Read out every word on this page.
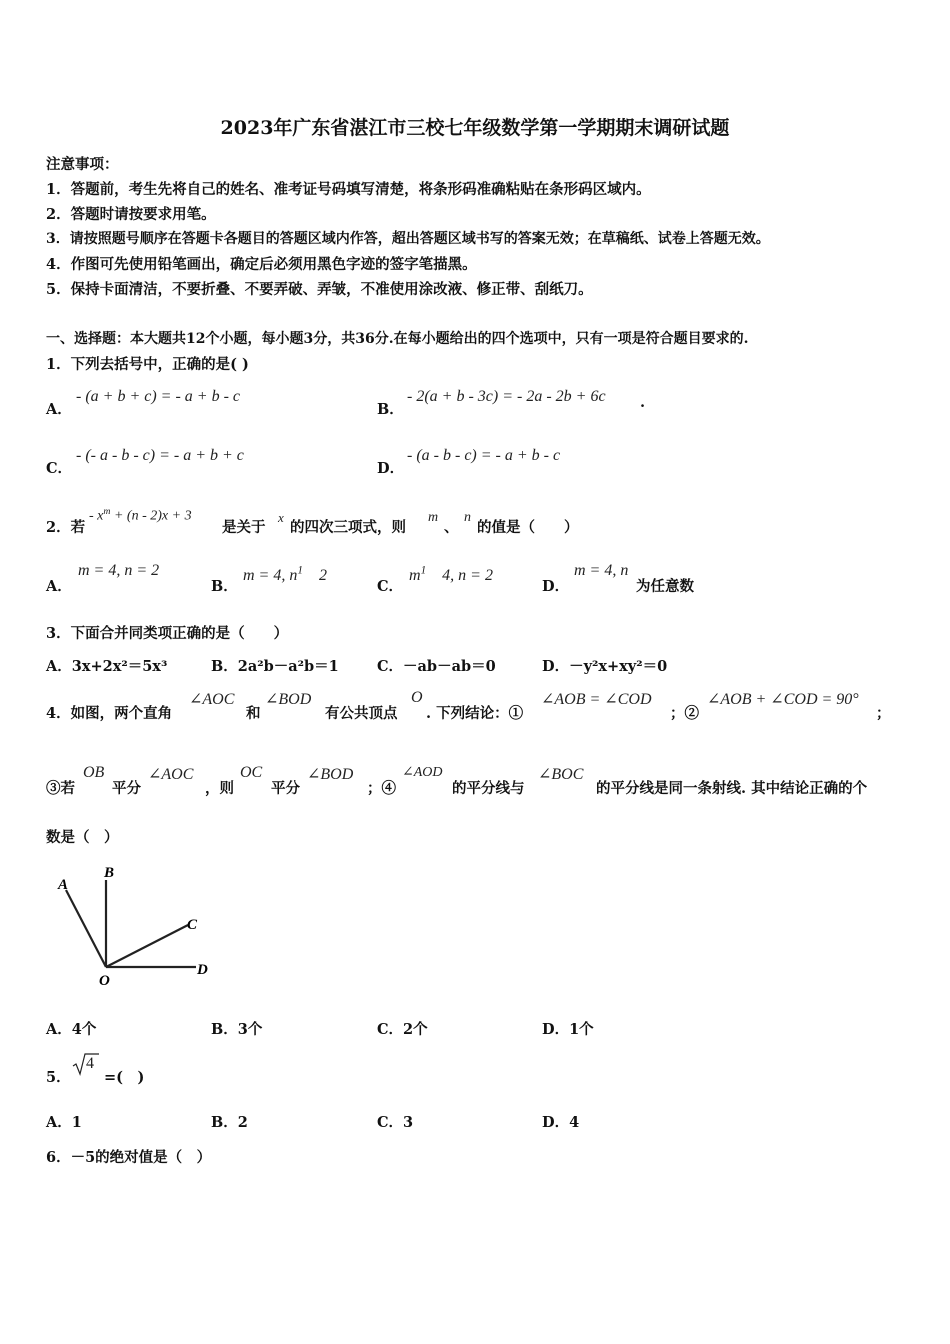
2023年广东省湛江市三校七年级数学第一学期期末调研试题
注意事项：
1．答题前，考生先将自己的姓名、准考证号码填写清楚，将条形码准确粘贴在条形码区域内。
2．答题时请按要求用笔。
3．请按照题号顺序在答题卡各题目的答题区域内作答，超出答题区域书写的答案无效；在草稿纸、试卷上答题无效。
4．作图可先使用铅笔画出，确定后必须用黑色字迹的签字笔描黑。
5．保持卡面清洁，不要折叠、不要弄破、弄皱，不准使用涂改液、修正带、刮纸刀。
一、选择题：本大题共12个小题，每小题3分，共36分.在每小题给出的四个选项中，只有一项是符合题目要求的.
1．下列去括号中，正确的是( )
A．
- (a + b + c) = - a + b - c
B．
- 2(a + b - 3c) = - 2a - 2b + 6c .
C．
- (- a - b - c) = - a + b + c
D．
- (a - b - c) = - a + b - c
2．若
- $x^m + (n - 2)x + 3$
是关于
x
的四次三项式，则
m
、
n
的值是（　　）
A．
m = 4, n = 2
B．
m = 4, $n^1$　2
C．
$m^1$　4, n = 2
D．
m = 4, n
为任意数
3．下面合并同类项正确的是（　　）
A．3x+2x²＝5x³	B．2a²b－a²b＝1	C．－ab－ab＝0	D．－y²x+xy²＝0
4．如图，两个直角
∠AOC
和
∠BOD
有公共顶点
O
. 下列结论：①
∠AOB = ∠COD
；②
∠AOB + ∠COD = 90°
；
③若
OB
平分
∠AOC
，则
OC
平分
∠BOD
；④
∠AOD
的平分线与
∠BOC
的平分线是同一条射线. 其中结论正确的个
数是（　）
A
B
C
D
O
A．4个	B．3个	C．2个	D．1个
5．
4
=(　)
A．1	B．2	C．3	D．4
6．－5的绝对值是（　）
